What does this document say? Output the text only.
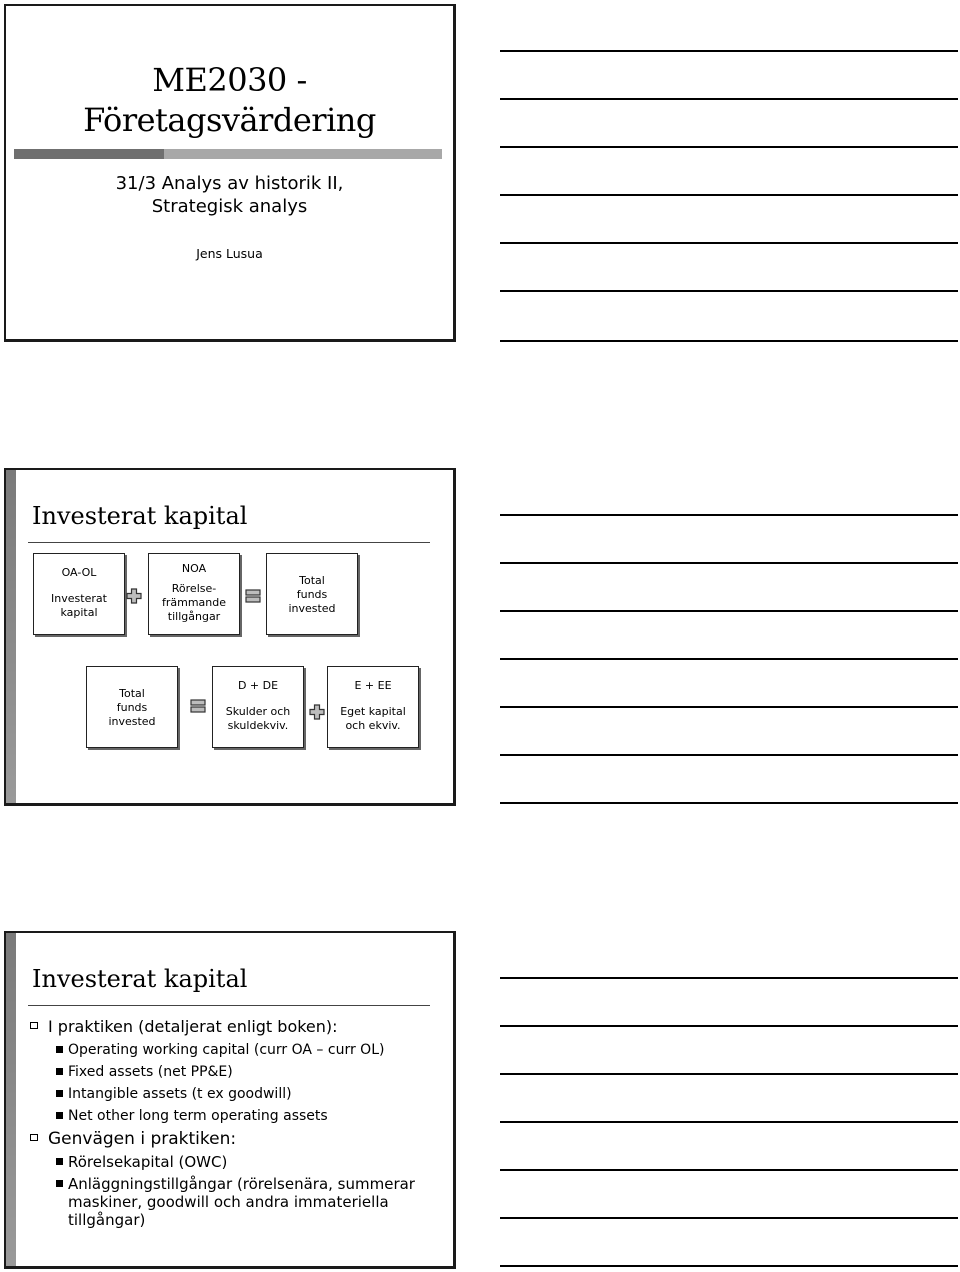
ME2030 -
Företagsvärdering
31/3 Analys av historik II,
Strategisk analys
Jens Lusua
Investerat kapital
OA-OL
Investerat
kapital
NOA
Rörelse-
främmande
tillgångar
Total
funds
invested
Total
funds
invested
D + DE
Skulder och
skuldekviv.
E + EE
Eget kapital
och ekviv.
Investerat kapital
I praktiken (detaljerat enligt boken):
Operating working capital (curr OA – curr OL)
Fixed assets (net PP&E)
Intangible assets (t ex goodwill)
Net other long term operating assets
Genvägen i praktiken:
Rörelsekapital (OWC)
Anläggningstillgångar (rörelsenära, summerar maskiner, goodwill och andra immateriella tillgångar)
